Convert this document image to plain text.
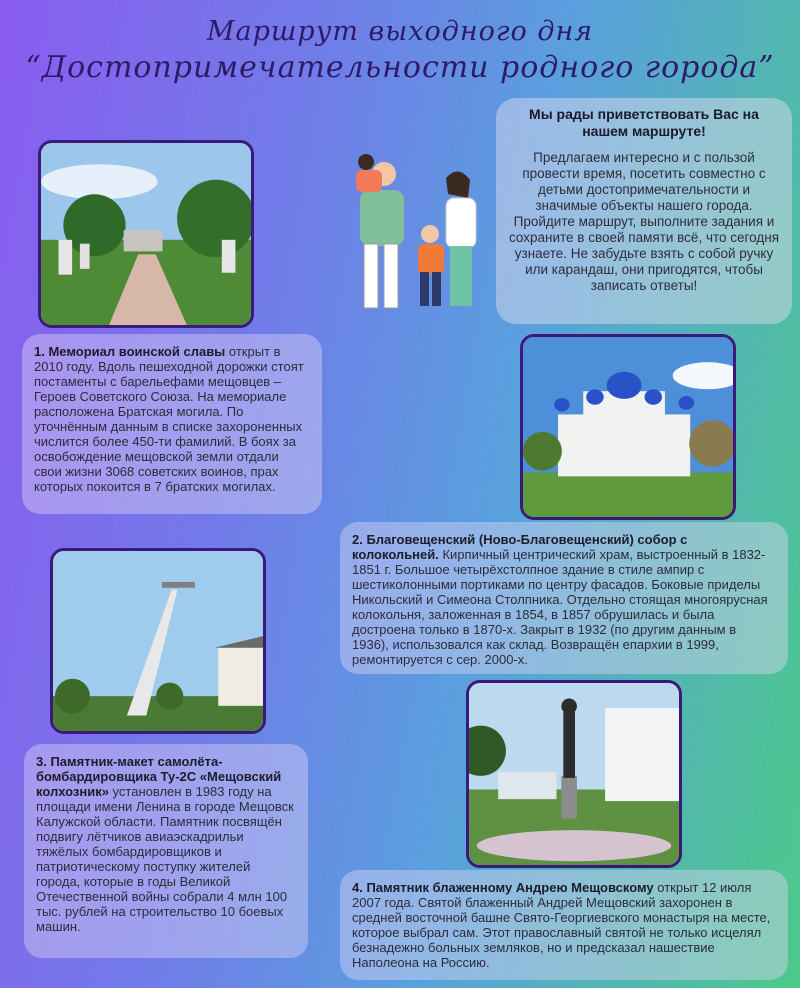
Маршрут выходного дня
“Достопримечательности родного города”
Мы рады приветствовать Вас на нашем маршруте!
Предлагаем интересно и с пользой провести время, посетить совместно с детьми достопримечательности и значимые объекты нашего города. Пройдите маршрут, выполните задания и сохраните в своей памяти всё, что сегодня узнаете. Не забудьте взять с собой ручку или карандаш, они пригодятся, чтобы записать ответы!
1. Мемориал воинской славы открыт в 2010 году. Вдоль пешеходной дорожки стоят постаменты с барельефами мещовцев – Героев Советского Союза. На мемориале расположена Братская могила. По уточнённым данным в списке захороненных числится более 450-ти фамилий. В боях за освобождение мещовской земли отдали свои жизни 3068 советских воинов, прах которых покоится в 7 братских могилах.
2. Благовещенский (Ново-Благовещенский) собор с колокольней. Кирпичный центрический храм, выстроенный в 1832-1851 г. Большое четырёхстолпное здание в стиле ампир с шестиколонными портиками по центру фасадов. Боковые приделы Никольский и Симеона Столпника. Отдельно стоящая многоярусная колокольня, заложенная в 1854, в 1857 обрушилась и была достроена только в 1870-х. Закрыт в 1932 (по другим данным в 1936), использовался как склад. Возвращён епархии в 1999, ремонтируется с сер. 2000-х.
3. Памятник-макет самолёта-бомбардировщика Ту-2С «Мещовский колхозник» установлен в 1983 году на площади имени Ленина в городе Мещовск Калужской области. Памятник посвящён подвигу лётчиков авиаэскадрильи тяжёлых бомбардировщиков и патриотическому поступку жителей города, которые в годы Великой Отечественной войны собрали 4 млн 100 тыс. рублей на строительство 10 боевых машин.
4. Памятник блаженному Андрею Мещовскому открыт 12 июля 2007 года. Святой блаженный Андрей Мещовский захоронен в средней восточной башне Свято-Георгиевского монастыря на месте, которое выбрал сам. Этот православный святой не только исцелял безнадежно больных земляков, но и предсказал нашествие Наполеона на Россию.
